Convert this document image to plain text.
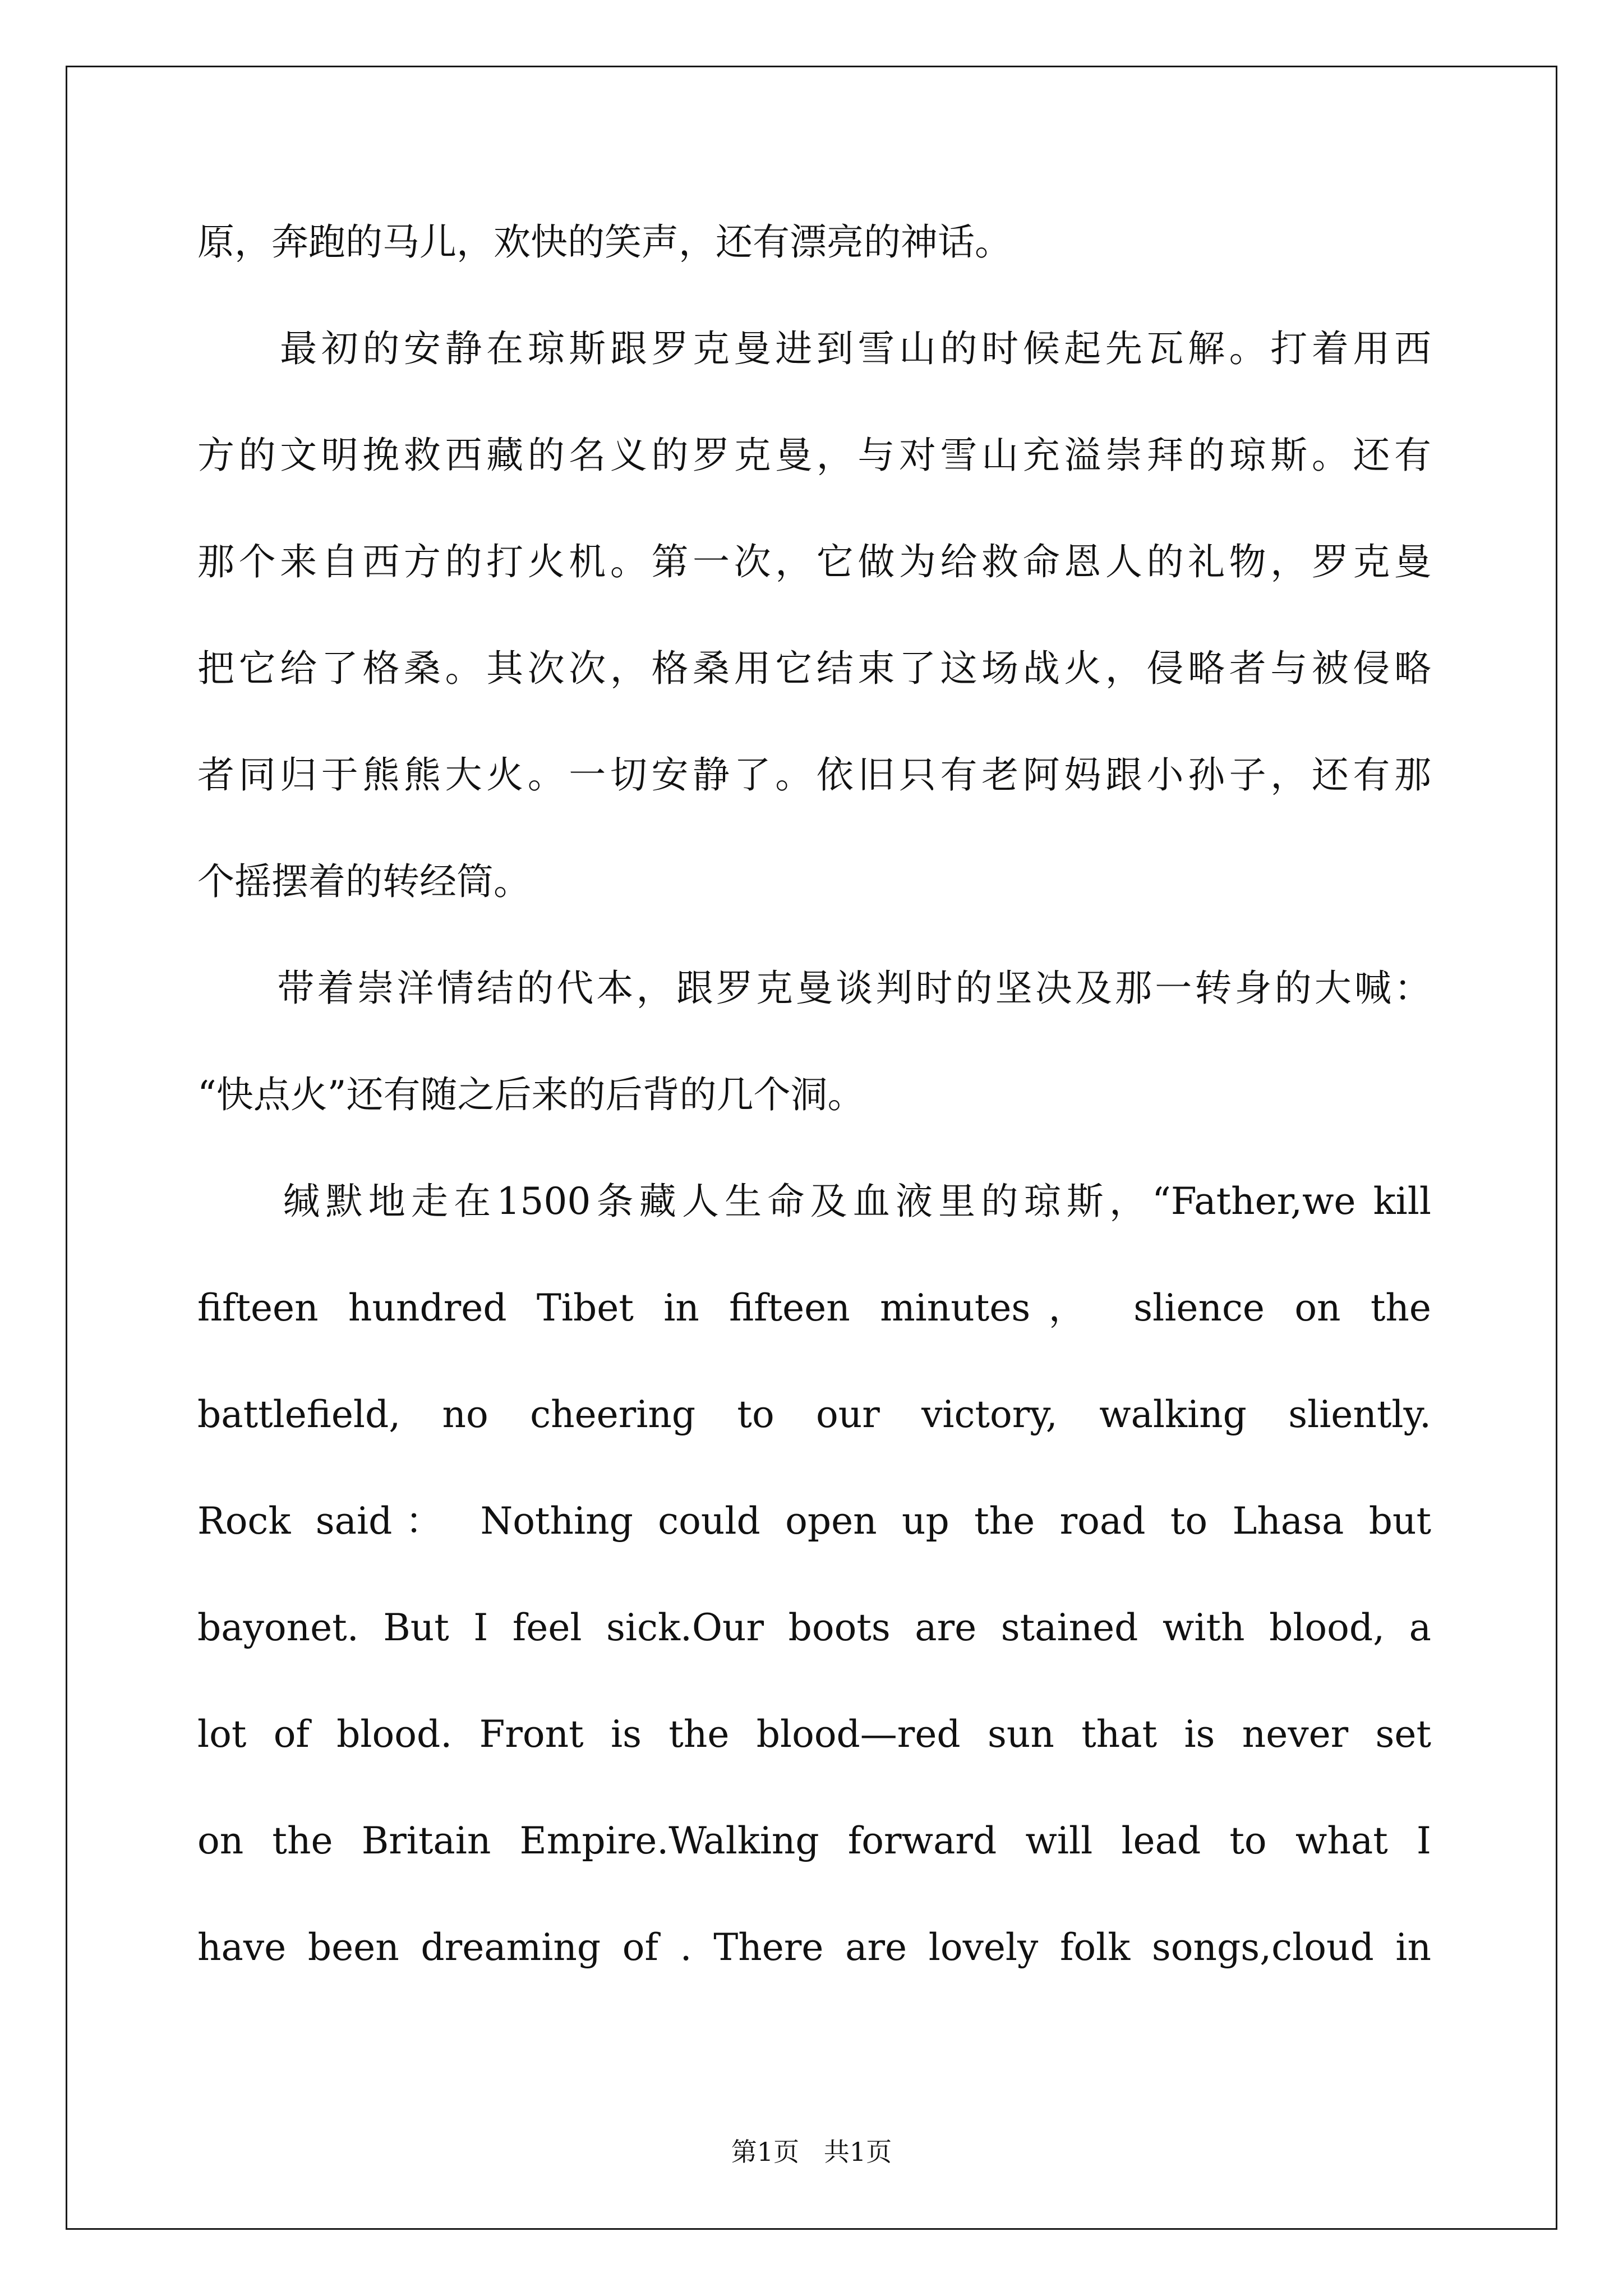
原，奔跑的马儿，欢快的笑声，还有漂亮的神话。
　　最初的安静在琼斯跟罗克曼进到雪山的时候起先瓦解。打着用西
方的文明挽救西藏的名义的罗克曼，与对雪山充溢崇拜的琼斯。还有
那个来自西方的打火机。第一次，它做为给救命恩人的礼物，罗克曼
把它给了格桑。其次次，格桑用它结束了这场战火，侵略者与被侵略
者同归于熊熊大火。一切安静了。依旧只有老阿妈跟小孙子，还有那
个摇摆着的转经筒。
　　带着崇洋情结的代本，跟罗克曼谈判时的坚决及那一转身的大喊：
“快点火”还有随之后来的后背的几个洞。
　　缄默地走在1500条藏人生命及血液里的琼斯，“Father,we kill
fifteen hundred Tibet in fifteen minutes， slience on the
battlefield, no cheering to our victory, walking sliently.
Rock said： Nothing could open up the road to Lhasa but
bayonet. But I feel sick.Our boots are stained with blood, a
lot of blood. Front is the blood—red sun that is never set
on the Britain Empire.Walking forward will lead to what I
have been dreaming of . There are lovely folk songs,cloud in
第1页   共1页
